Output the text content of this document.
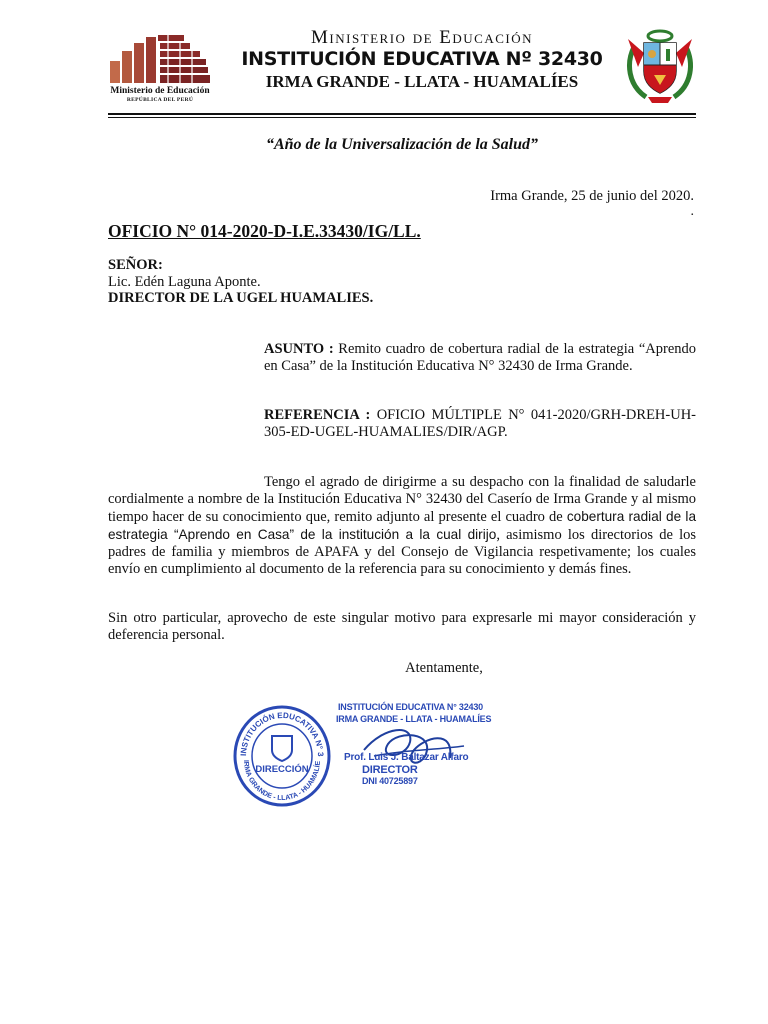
Ministerio de Educación
REPÚBLICA DEL PERÚ
Ministerio de Educación
INSTITUCIÓN EDUCATIVA Nº 32430
IRMA GRANDE - LLATA - HUAMALÍES
“Año de la Universalización de la Salud”
Irma Grande, 25 de junio del 2020.
.
OFICIO N° 014-2020-D-I.E.33430/IG/LL.
SEÑOR:
Lic. Edén Laguna Aponte.
DIRECTOR DE LA UGEL HUAMALIES.
ASUNTO : Remito cuadro de cobertura radial de la estrategia “Aprendo en Casa” de la Institución Educativa N° 32430 de Irma Grande.
REFERENCIA : OFICIO MÚLTIPLE N° 041-2020/GRH-DREH-UH-305-ED-UGEL-HUAMALIES/DIR/AGP.
Tengo el agrado de dirigirme a su despacho con la finalidad de saludarle cordialmente a nombre de la Institución Educativa N° 32430 del Caserío de Irma Grande y al mismo tiempo hacer de su conocimiento que, remito adjunto al presente el cuadro de cobertura radial de la estrategia “Aprendo en Casa” de la institución a la cual dirijo, asimismo los directorios de los padres de familia y miembros de APAFA y del Consejo de Vigilancia respetivamente; los cuales envío en cumplimiento al documento de la referencia para su conocimiento y demás fines.
Sin otro particular, aprovecho de este singular motivo para expresarle mi mayor consideración y deferencia personal.
Atentamente,
INSTITUCIÓN EDUCATIVA N° 3
IRMA GRANDE - LLATA - HUAMALÍE
DIRECCIÓN
INSTITUCIÓN EDUCATIVA N° 32430
IRMA GRANDE - LLATA - HUAMALÍES
Prof. Luis J. Baltazar Alfaro
DIRECTOR
DNI 40725897
